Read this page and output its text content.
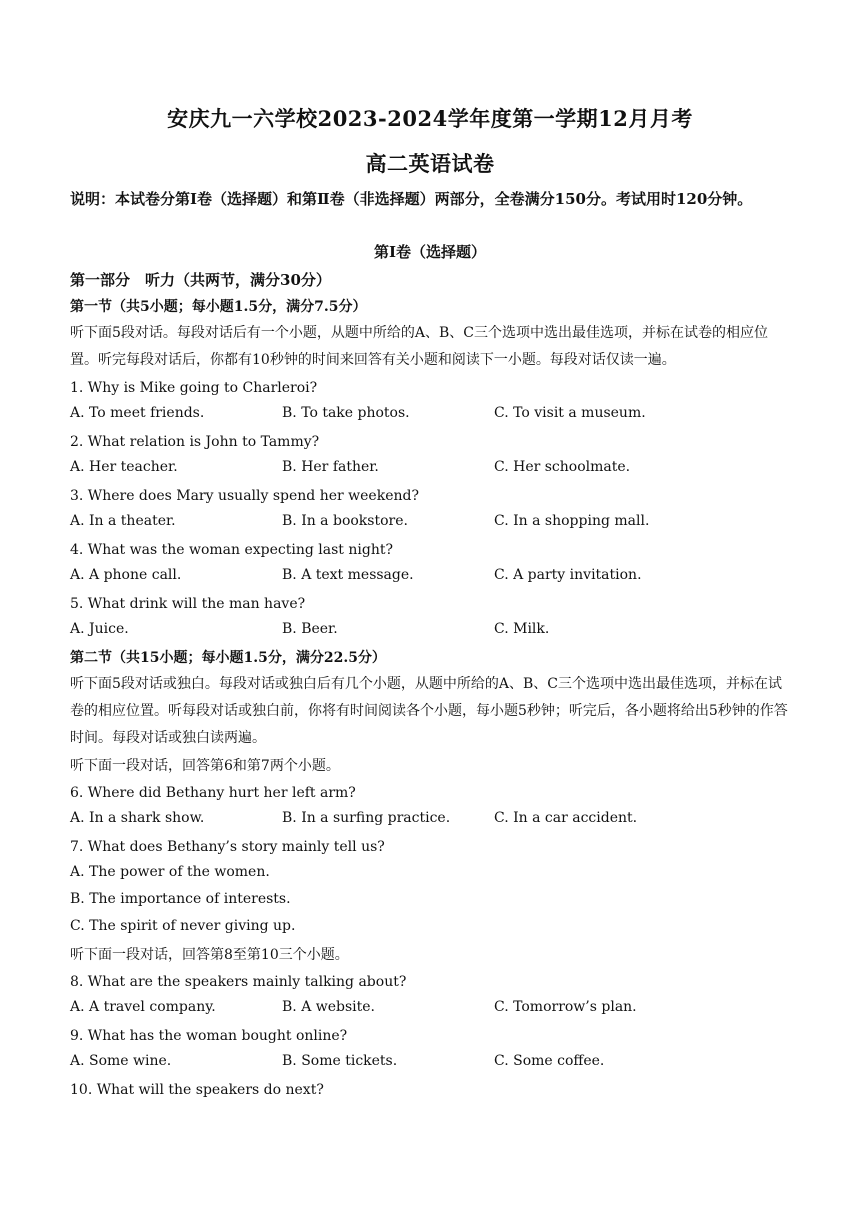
安庆九一六学校2023-2024学年度第一学期12月月考
高二英语试卷
说明：本试卷分第Ⅰ卷（选择题）和第Ⅱ卷（非选择题）两部分，全卷满分150分。考试用时120分钟。
第Ⅰ卷（选择题）
第一部分　听力（共两节，满分30分）
第一节（共5小题；每小题1.5分，满分7.5分）
听下面5段对话。每段对话后有一个小题，从题中所给的A、B、C三个选项中选出最佳选项，并标在试卷的相应位置。听完每段对话后，你都有10秒钟的时间来回答有关小题和阅读下一小题。每段对话仅读一遍。
1. Why is Mike going to Charleroi?
A. To meet friends.	B. To take photos.	C. To visit a museum.
2. What relation is John to Tammy?
A. Her teacher.	B. Her father.	C. Her schoolmate.
3. Where does Mary usually spend her weekend?
A. In a theater.	B. In a bookstore.	C. In a shopping mall.
4. What was the woman expecting last night?
A. A phone call.	B. A text message.	C. A party invitation.
5. What drink will the man have?
A. Juice.	B. Beer.	C. Milk.
第二节（共15小题；每小题1.5分，满分22.5分）
听下面5段对话或独白。每段对话或独白后有几个小题，从题中所给的A、B、C三个选项中选出最佳选项，并标在试卷的相应位置。听每段对话或独白前，你将有时间阅读各个小题，每小题5秒钟；听完后，各小题将给出5秒钟的作答时间。每段对话或独白读两遍。
听下面一段对话，回答第6和第7两个小题。
6. Where did Bethany hurt her left arm?
A. In a shark show.	B. In a surfing practice.	C. In a car accident.
7. What does Bethany’s story mainly tell us?
A. The power of the women.
B. The importance of interests.
C. The spirit of never giving up.
听下面一段对话，回答第8至第10三个小题。
8. What are the speakers mainly talking about?
A. A travel company.	B. A website.	C. Tomorrow’s plan.
9. What has the woman bought online?
A. Some wine.	B. Some tickets.	C. Some coffee.
10. What will the speakers do next?
